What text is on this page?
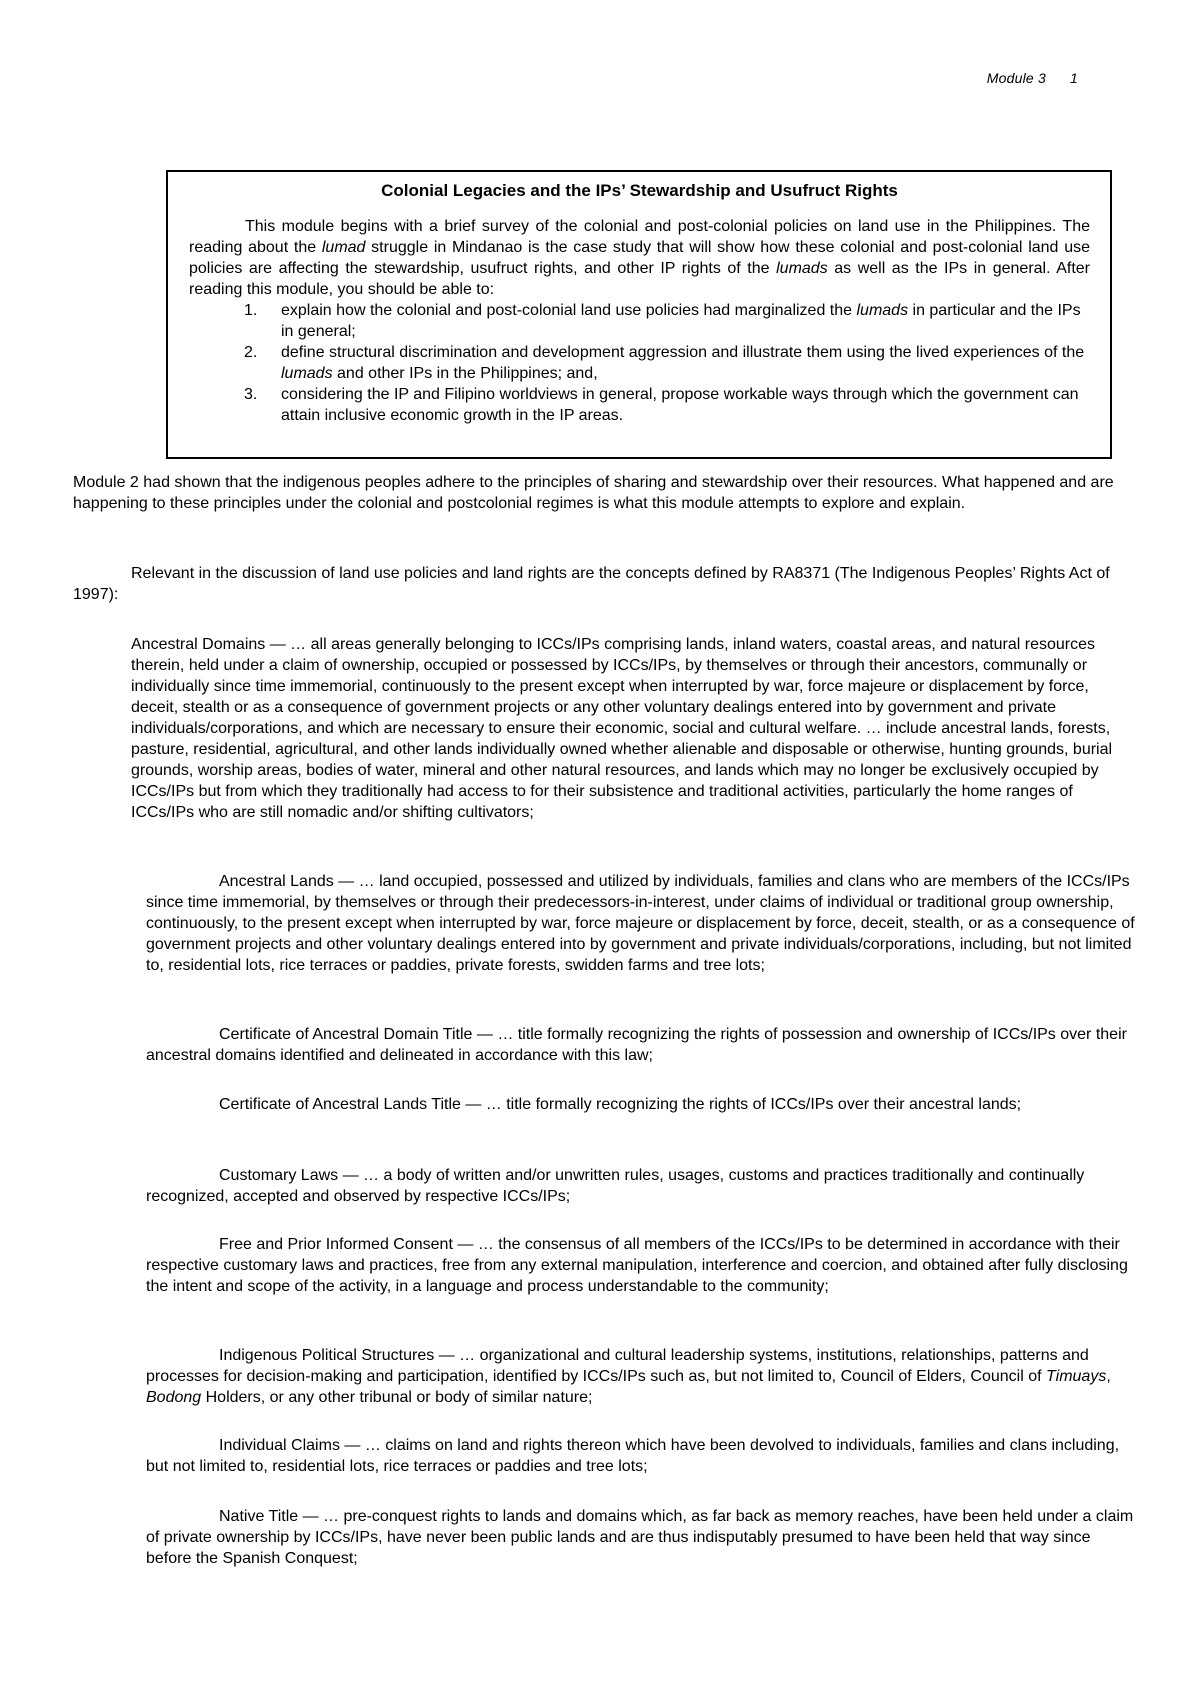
Module 3 1
Colonial Legacies and the IPs’ Stewardship and Usufruct Rights

This module begins with a brief survey of the colonial and post-colonial policies on land use in the Philippines. The reading about the lumad struggle in Mindanao is the case study that will show how these colonial and post-colonial land use policies are affecting the stewardship, usufruct rights, and other IP rights of the lumads as well as the IPs in general. After reading this module, you should be able to:

1. explain how the colonial and post-colonial land use policies had marginalized the lumads in particular and the IPs in general;
2. define structural discrimination and development aggression and illustrate them using the lived experiences of the lumads and other IPs in the Philippines; and,
3. considering the IP and Filipino worldviews in general, propose workable ways through which the government can attain inclusive economic growth in the IP areas.

Module 2 had shown that the indigenous peoples adhere to the principles of sharing and stewardship over their resources. What happened and are happening to these principles under the colonial and postcolonial regimes is what this module attempts to explore and explain.

Relevant in the discussion of land use policies and land rights are the concepts defined by RA8371 (The Indigenous Peoples’ Rights Act of 1997):

Ancestral Domains — … all areas generally belonging to ICCs/IPs comprising lands, inland waters, coastal areas, and natural resources therein, held under a claim of ownership, occupied or possessed by ICCs/IPs, by themselves or through their ancestors, communally or individually since time immemorial, continuously to the present except when interrupted by war, force majeure or displacement by force, deceit, stealth or as a consequence of government projects or any other voluntary dealings entered into by government and private individuals/corporations, and which are necessary to ensure their economic, social and cultural welfare. … include ancestral lands, forests, pasture, residential, agricultural, and other lands individually owned whether alienable and disposable or otherwise, hunting grounds, burial grounds, worship areas, bodies of water, mineral and other natural resources, and lands which may no longer be exclusively occupied by ICCs/IPs but from which they traditionally had access to for their subsistence and traditional activities, particularly the home ranges of ICCs/IPs who are still nomadic and/or shifting cultivators;

Ancestral Lands — … land occupied, possessed and utilized by individuals, families and clans who are members of the ICCs/IPs since time immemorial, by themselves or through their predecessors-in-interest, under claims of individual or traditional group ownership, continuously, to the present except when interrupted by war, force majeure or displacement by force, deceit, stealth, or as a consequence of government projects and other voluntary dealings entered into by government and private individuals/corporations, including, but not limited to, residential lots, rice terraces or paddies, private forests, swidden farms and tree lots;

Certificate of Ancestral Domain Title — … title formally recognizing the rights of possession and ownership of ICCs/IPs over their ancestral domains identified and delineated in accordance with this law;

Certificate of Ancestral Lands Title — … title formally recognizing the rights of ICCs/IPs over their ancestral lands;

Customary Laws — … a body of written and/or unwritten rules, usages, customs and practices traditionally and continually recognized, accepted and observed by respective ICCs/IPs;

Free and Prior Informed Consent — … the consensus of all members of the ICCs/IPs to be determined in accordance with their respective customary laws and practices, free from any external manipulation, interference and coercion, and obtained after fully disclosing the intent and scope of the activity, in a language and process understandable to the community;

Indigenous Political Structures — … organizational and cultural leadership systems, institutions, relationships, patterns and processes for decision-making and participation, identified by ICCs/IPs such as, but not limited to, Council of Elders, Council of Timuays, Bodong Holders, or any other tribunal or body of similar nature;

Individual Claims — … claims on land and rights thereon which have been devolved to individuals, families and clans including, but not limited to, residential lots, rice terraces or paddies and tree lots;

Native Title — … pre-conquest rights to lands and domains which, as far back as memory reaches, have been held under a claim of private ownership by ICCs/IPs, have never been public lands and are thus indisputably presumed to have been held that way since before the Spanish Conquest;
